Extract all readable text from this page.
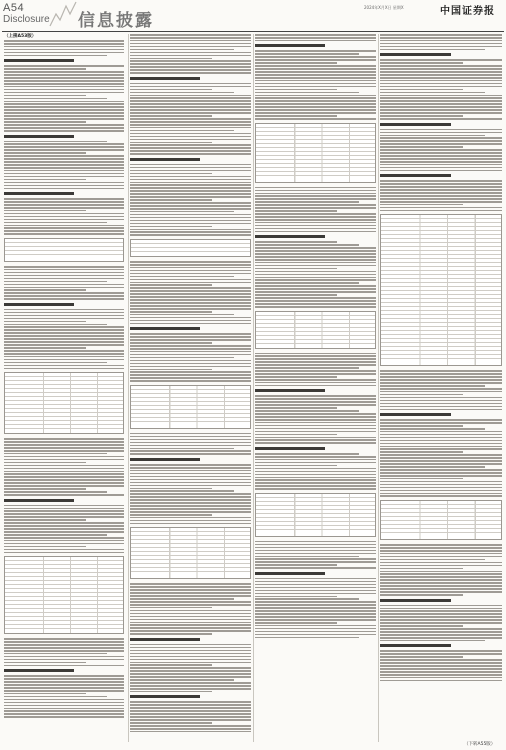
A54
Disclosure 信息披露
2024年X月X日 星期X	中国证券报
（上接A53版）
（下转A55版）
